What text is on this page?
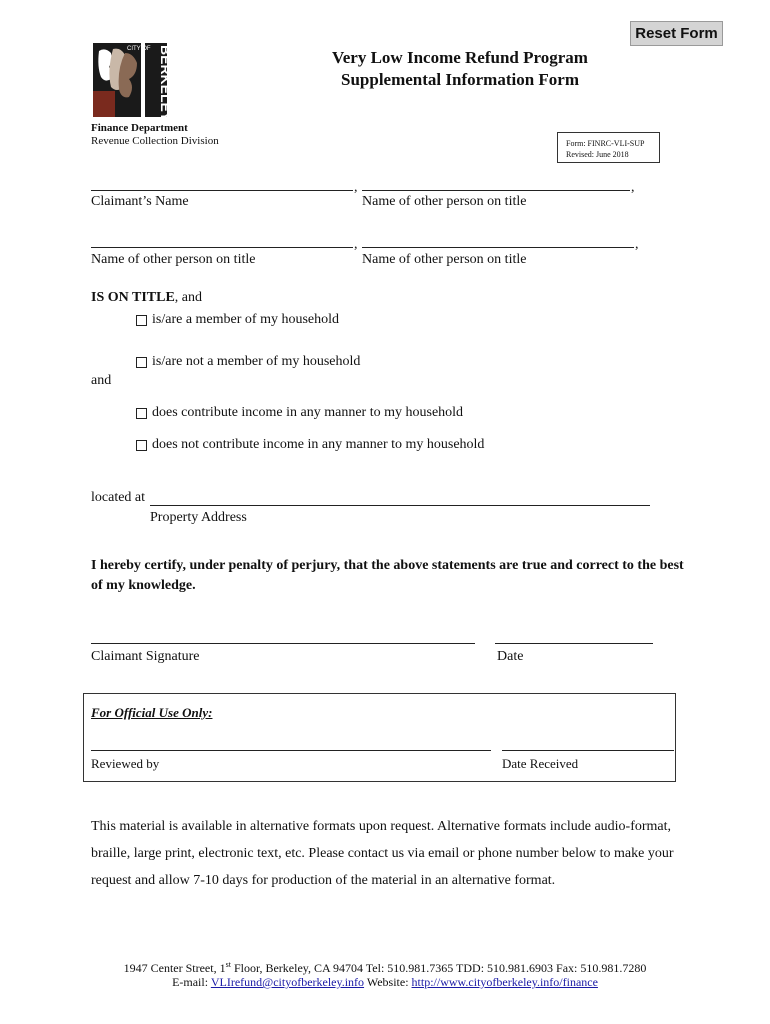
Reset Form
CITY OF BERKELEY	Very Low Income Refund Program
Supplemental Information Form
Finance Department
Revenue Collection Division	Form: FINRC-VLI-SUP
Revised: June 2018
,	,
Claimant’s Name	Name of other person on title
,	,
Name of other person on title	Name of other person on title
IS ON TITLE, and
is/are a member of my household
is/are not a member of my household
and
does contribute income in any manner to my household
does not contribute income in any manner to my household
located at
Property Address
I hereby certify, under penalty of perjury, that the above statements are true and correct to the best of my knowledge.
Claimant Signature	Date
For Official Use Only:
Reviewed by	Date Received
This material is available in alternative formats upon request. Alternative formats include audio-format, braille, large print, electronic text, etc. Please contact us via email or phone number below to make your request and allow 7-10 days for production of the material in an alternative format.
1947 Center Street, 1st Floor, Berkeley, CA 94704 Tel: 510.981.7365 TDD: 510.981.6903 Fax: 510.981.7280
E-mail: VLIrefund@cityofberkeley.info Website: http://www.cityofberkeley.info/finance
